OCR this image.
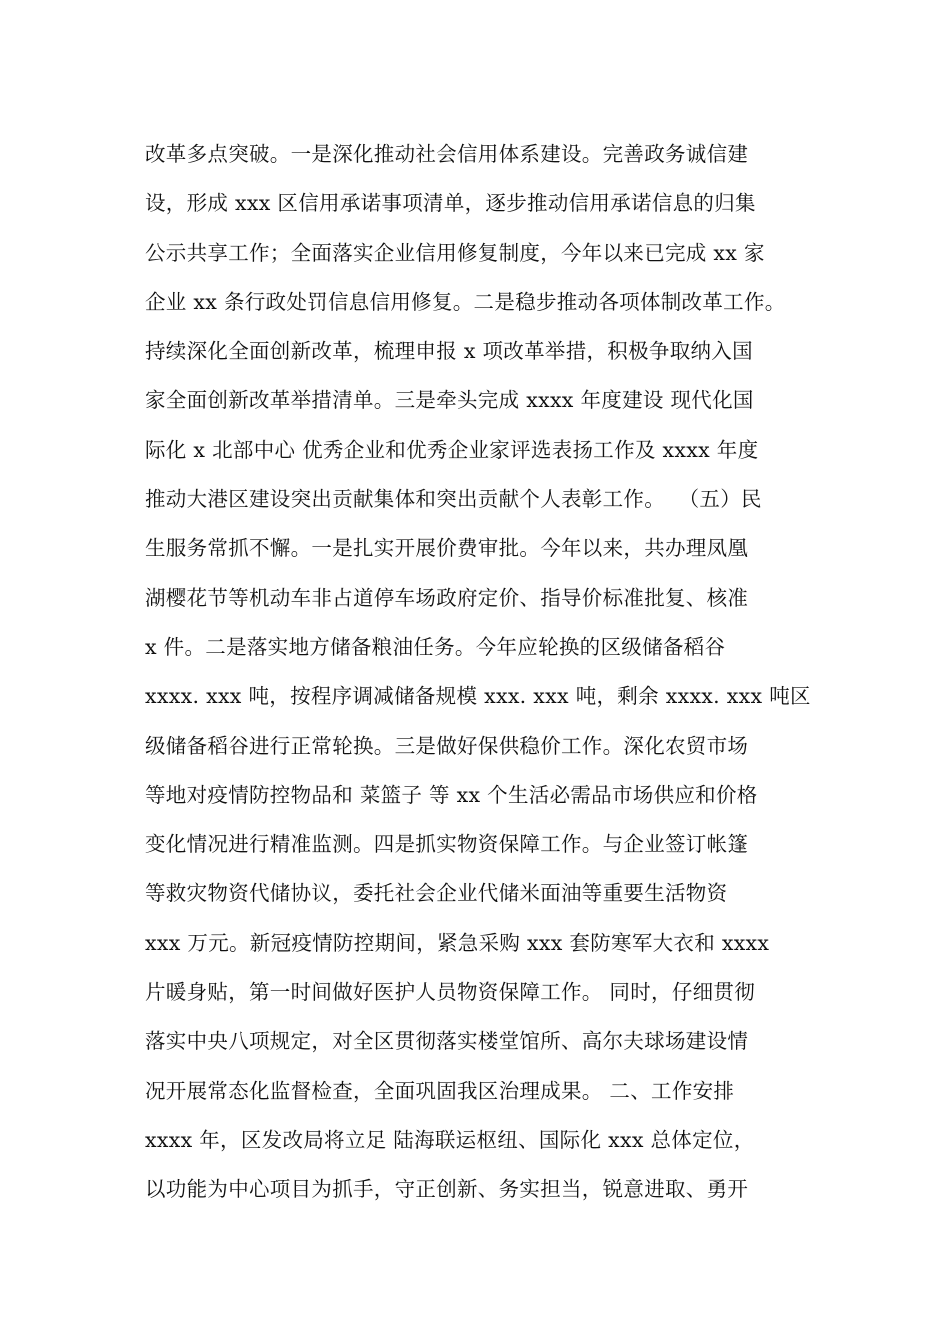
改革多点突破。一是深化推动社会信用体系建设。完善政务诚信建
设，形成 xxx 区信用承诺事项清单，逐步推动信用承诺信息的归集
公示共享工作；全面落实企业信用修复制度，今年以来已完成 xx 家
企业 xx 条行政处罚信息信用修复。二是稳步推动各项体制改革工作。
持续深化全面创新改革，梳理申报 x 项改革举措，积极争取纳入国
家全面创新改革举措清单。三是牵头完成 xxxx 年度建设 现代化国
际化 x 北部中心 优秀企业和优秀企业家评选表扬工作及 xxxx 年度
推动大港区建设突出贡献集体和突出贡献个人表彰工作。  （五）民
生服务常抓不懈。一是扎实开展价费审批。今年以来，共办理凤凰
湖樱花节等机动车非占道停车场政府定价、指导价标准批复、核准
x 件。二是落实地方储备粮油任务。今年应轮换的区级储备稻谷
xxxx. xxx 吨，按程序调减储备规模 xxx. xxx 吨，剩余 xxxx. xxx 吨区
级储备稻谷进行正常轮换。三是做好保供稳价工作。深化农贸市场
等地对疫情防控物品和 菜篮子 等 xx 个生活必需品市场供应和价格
变化情况进行精准监测。四是抓实物资保障工作。与企业签订帐篷
等救灾物资代储协议，委托社会企业代储米面油等重要生活物资
xxx 万元。新冠疫情防控期间，紧急采购 xxx 套防寒军大衣和 xxxx
片暖身贴，第一时间做好医护人员物资保障工作。 同时，仔细贯彻
落实中央八项规定，对全区贯彻落实楼堂馆所、高尔夫球场建设情
况开展常态化监督检查，全面巩固我区治理成果。 二、工作安排
xxxx 年，区发改局将立足 陆海联运枢纽、国际化 xxx 总体定位，
以功能为中心项目为抓手，守正创新、务实担当，锐意进取、勇开
